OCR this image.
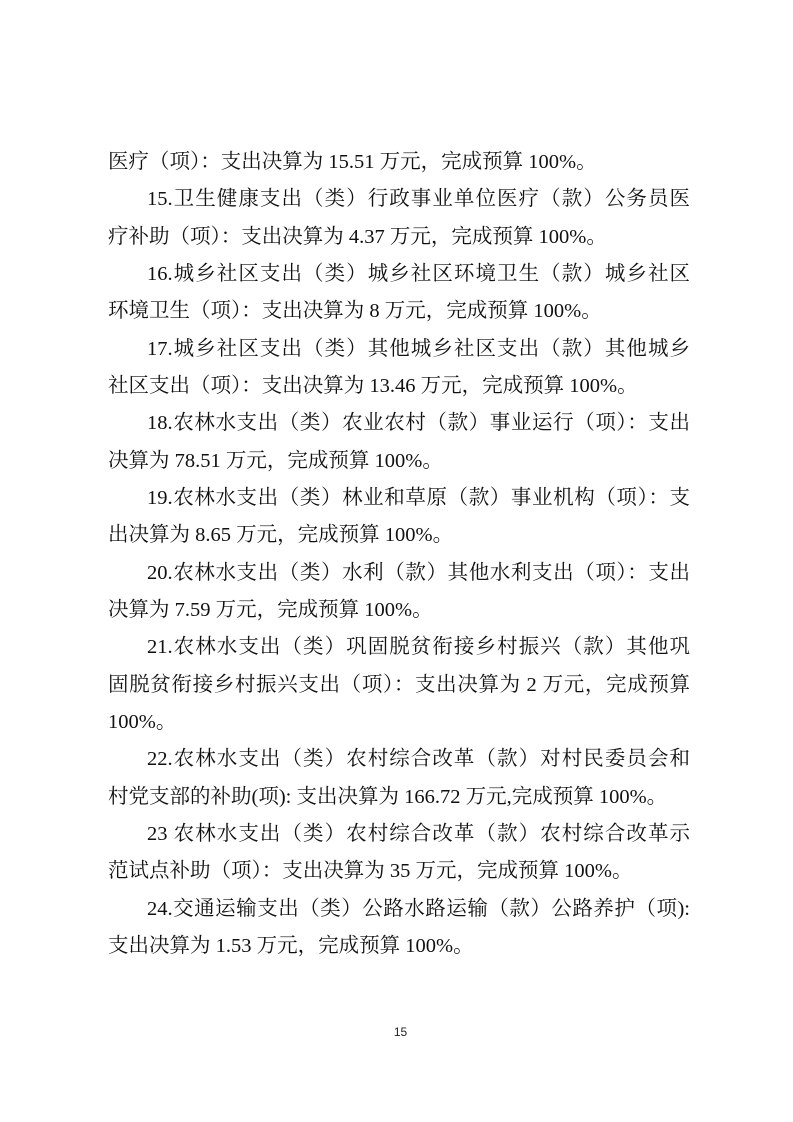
医疗（项）：支出决算为 15.51 万元，完成预算 100%。
15.卫生健康支出（类）行政事业单位医疗（款）公务员医
疗补助（项）：支出决算为 4.37 万元，完成预算 100%。
16.城乡社区支出（类）城乡社区环境卫生（款）城乡社区
环境卫生（项）：支出决算为 8 万元，完成预算 100%。
17.城乡社区支出（类）其他城乡社区支出（款）其他城乡
社区支出（项）：支出决算为 13.46 万元，完成预算 100%。
18.农林水支出（类）农业农村（款）事业运行（项）：支出
决算为 78.51 万元，完成预算 100%。
19.农林水支出（类）林业和草原（款）事业机构（项）：支
出决算为 8.65 万元，完成预算 100%。
20.农林水支出（类）水利（款）其他水利支出（项）：支出
决算为 7.59 万元，完成预算 100%。
21.农林水支出（类）巩固脱贫衔接乡村振兴（款）其他巩
固脱贫衔接乡村振兴支出（项）：支出决算为 2 万元，完成预算
100%。
22.农林水支出（类）农村综合改革（款）对村民委员会和
村党支部的补助(项): 支出决算为 166.72 万元,完成预算 100%。
23 农林水支出（类）农村综合改革（款）农村综合改革示
范试点补助（项）：支出决算为 35 万元，完成预算 100%。
24.交通运输支出（类）公路水路运输（款）公路养护（项):
支出决算为 1.53 万元，完成预算 100%。
15
